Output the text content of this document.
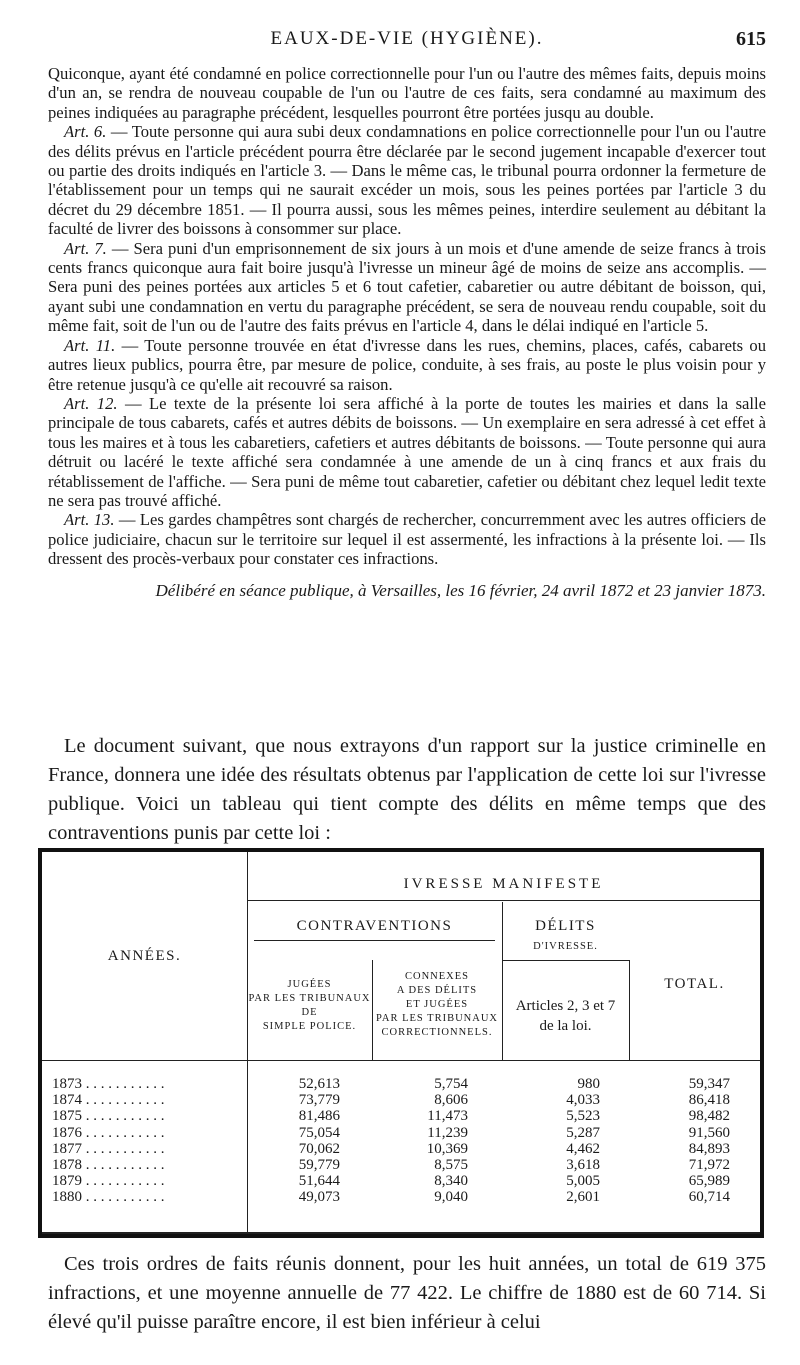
EAUX-DE-VIE (HYGIÈNE).	615

Quiconque, ayant été condamné en police correctionnelle pour l'un ou l'autre des mêmes faits, depuis moins d'un an, se rendra de nouveau coupable de l'un ou l'autre de ces faits, sera condamné au maximum des peines indiquées au paragraphe précédent, lesquelles pourront être portées jusqu au double.

Art. 6. — Toute personne qui aura subi deux condamnations en police correctionnelle pour l'un ou l'autre des délits prévus en l'article précédent pourra être déclarée par le second jugement incapable d'exercer tout ou partie des droits indiqués en l'article 3. — Dans le même cas, le tribunal pourra ordonner la fermeture de l'établissement pour un temps qui ne saurait excéder un mois, sous les peines portées par l'article 3 du décret du 29 décembre 1851. — Il pourra aussi, sous les mêmes peines, interdire seulement au débitant la faculté de livrer des boissons à consommer sur place.

Art. 7. — Sera puni d'un emprisonnement de six jours à un mois et d'une amende de seize francs à trois cents francs quiconque aura fait boire jusqu'à l'ivresse un mineur âgé de moins de seize ans accomplis. — Sera puni des peines portées aux articles 5 et 6 tout cafetier, cabaretier ou autre débitant de boisson, qui, ayant subi une condamnation en vertu du paragraphe précédent, se sera de nouveau rendu coupable, soit du même fait, soit de l'un ou de l'autre des faits prévus en l'article 4, dans le délai indiqué en l'article 5.

Art. 11. — Toute personne trouvée en état d'ivresse dans les rues, chemins, places, cafés, cabarets ou autres lieux publics, pourra être, par mesure de police, conduite, à ses frais, au poste le plus voisin pour y être retenue jusqu'à ce qu'elle ait recouvré sa raison.

Art. 12. — Le texte de la présente loi sera affiché à la porte de toutes les mairies et dans la salle principale de tous cabarets, cafés et autres débits de boissons. — Un exemplaire en sera adressé à cet effet à tous les maires et à tous les cabaretiers, cafetiers et autres débitants de boissons. — Toute personne qui aura détruit ou lacéré le texte affiché sera condamnée à une amende de un à cinq francs et aux frais du rétablissement de l'affiche. — Sera puni de même tout cabaretier, cafetier ou débitant chez lequel ledit texte ne sera pas trouvé affiché.

Art. 13. — Les gardes champêtres sont chargés de rechercher, concurremment avec les autres officiers de police judiciaire, chacun sur le territoire sur lequel il est assermenté, les infractions à la présente loi. — Ils dressent des procès-verbaux pour constater ces infractions.

Délibéré en séance publique, à Versailles, les 16 février, 24 avril 1872 et 23 janvier 1873.

Le document suivant, que nous extrayons d'un rapport sur la justice criminelle en France, donnera une idée des résultats obtenus par l'application de cette loi sur l'ivresse publique. Voici un tableau qui tient compte des délits en même temps que des contraventions punis par cette loi :

ANNÉES.
IVRESSE MANIFESTE
CONTRAVENTIONS	DÉLITS
D'IVRESSE.
JUGÉES
PAR LES TRIBUNAUX
DE
SIMPLE POLICE.
CONNEXES
A DES DÉLITS
ET JUGÉES
PAR LES TRIBUNAUX
CORRECTIONNELS.
Articles 2, 3 et 7
de la loi.
TOTAL.
1873 . . . . . . . . . . .
1874 . . . . . . . . . . .
1875 . . . . . . . . . . .
1876 . . . . . . . . . . .
1877 . . . . . . . . . . .
1878 . . . . . . . . . . .
1879 . . . . . . . . . . .
1880 . . . . . . . . . . .
52,613
73,779
81,486
75,054
70,062
59,779
51,644
49,073
5,754
8,606
11,473
11,239
10,369
8,575
8,340
9,040
980
4,033
5,523
5,287
4,462
3,618
5,005
2,601
59,347
86,418
98,482
91,560
84,893
71,972
65,989
60,714

Ces trois ordres de faits réunis donnent, pour les huit années, un total de 619 375 infractions, et une moyenne annuelle de 77 422. Le chiffre de 1880 est de 60 714. Si élevé qu'il puisse paraître encore, il est bien inférieur à celui
